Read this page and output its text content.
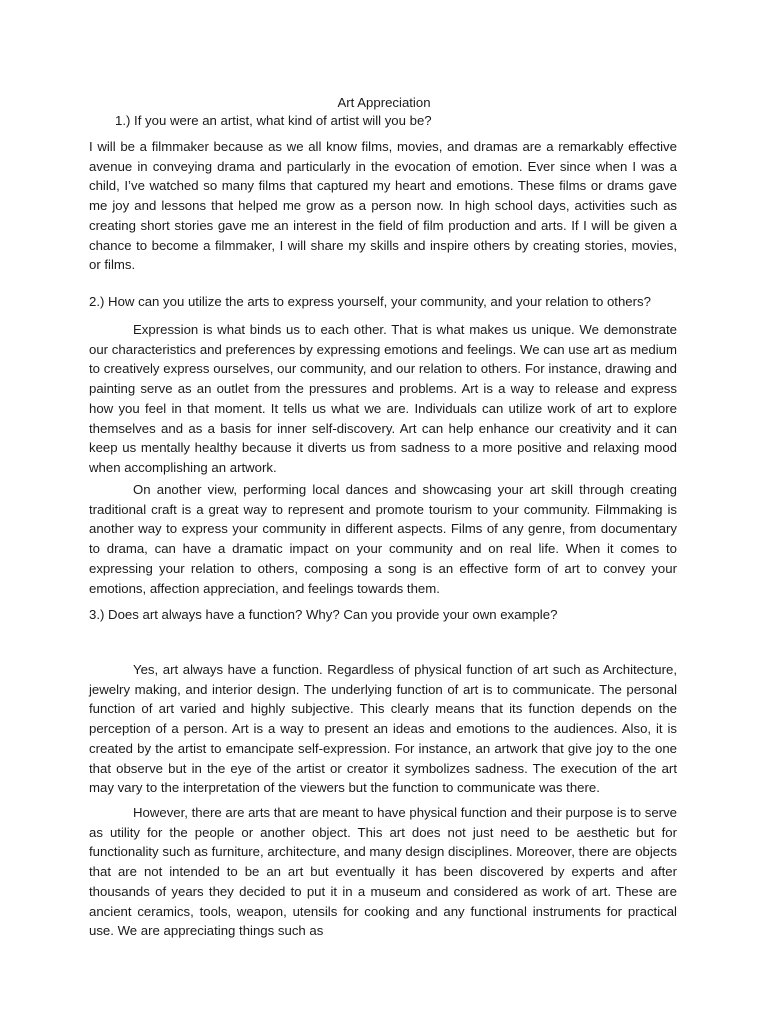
Art Appreciation
1.) If you were an artist, what kind of artist will you be?

I will be a filmmaker because as we all know films, movies, and dramas are a remarkably effective avenue in conveying drama and particularly in the evocation of emotion. Ever since when I was a child, I’ve watched so many films that captured my heart and emotions. These films or drams gave me joy and lessons that helped me grow as a person now. In high school days, activities such as creating short stories gave me an interest in the field of film production and arts. If I will be given a chance to become a filmmaker, I will share my skills and inspire others by creating stories, movies, or films.

2.) How can you utilize the arts to express yourself, your community, and your relation to others?

Expression is what binds us to each other. That is what makes us unique. We demonstrate our characteristics and preferences by expressing emotions and feelings. We can use art as medium to creatively express ourselves, our community, and our relation to others. For instance, drawing and painting serve as an outlet from the pressures and problems. Art is a way to release and express how you feel in that moment. It tells us what we are. Individuals can utilize work of art to explore themselves and as a basis for inner self-discovery. Art can help enhance our creativity and it can keep us mentally healthy because it diverts us from sadness to a more positive and relaxing mood when accomplishing an artwork.

On another view, performing local dances and showcasing your art skill through creating traditional craft is a great way to represent and promote tourism to your community. Filmmaking is another way to express your community in different aspects. Films of any genre, from documentary to drama, can have a dramatic impact on your community and on real life. When it comes to expressing your relation to others, composing a song is an effective form of art to convey your emotions, affection appreciation, and feelings towards them.

3.) Does art always have a function? Why? Can you provide your own example?

Yes, art always have a function. Regardless of physical function of art such as Architecture, jewelry making, and interior design. The underlying function of art is to communicate. The personal function of art varied and highly subjective. This clearly means that its function depends on the perception of a person. Art is a way to present an ideas and emotions to the audiences. Also, it is created by the artist to emancipate self-expression. For instance, an artwork that give joy to the one that observe but in the eye of the artist or creator it symbolizes sadness. The execution of the art may vary to the interpretation of the viewers but the function to communicate was there.

However, there are arts that are meant to have physical function and their purpose is to serve as utility for the people or another object. This art does not just need to be aesthetic but for functionality such as furniture, architecture, and many design disciplines. Moreover, there are objects that are not intended to be an art but eventually it has been discovered by experts and after thousands of years they decided to put it in a museum and considered as work of art. These are ancient ceramics, tools, weapon, utensils for cooking and any functional instruments for practical use. We are appreciating things such as
